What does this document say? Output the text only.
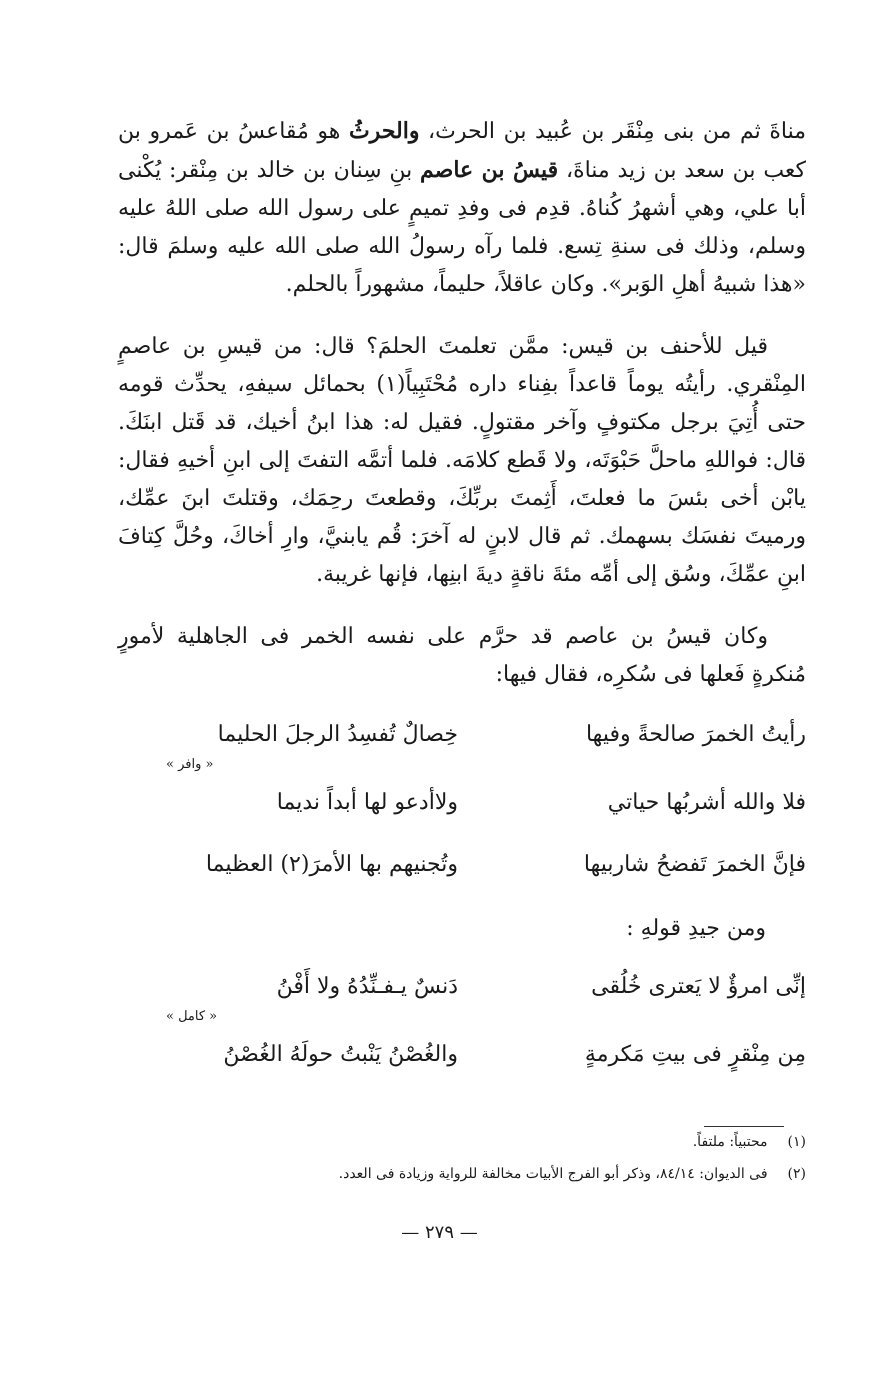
مناةَ ثم من بنى مِنْقَر بن عُبيد بن الحرث، والحرثُ هو مُقاعسُ بن عَمرو بن كعب بن سعد بن زيد مناةَ، قيسُ بن عاصم بنِ سِنان بن خالد بن مِنْقر: يُكْنى أبا علي، وهي أشهرُ كُناهُ. قدِم فى وفدِ تميمٍ على رسول الله صلى اللهُ عليه وسلم، وذلك فى سنةِ تِسع. فلما رآه رسولُ الله صلى الله عليه وسلمَ قال: «هذا شبيهُ أهلِ الوَبر». وكان عاقلاً، حليماً، مشهوراً بالحلم.

قيل للأحنف بن قيس: ممَّن تعلمتَ الحلمَ؟ قال: من قيسِ بن عاصمٍ المِنْقري. رأيتُه يوماً قاعداً بفِناء داره مُحْتَبِياً(١) بحمائل سيفهِ، يحدِّث قومه حتى أُتِيَ برجل مكتوفٍ وآخر مقتولٍ. فقيل له: هذا ابنُ أخيك، قد قَتل ابنَكَ. قال: فواللهِ ماحلَّ حَبْوَتَه، ولا قَطع كلامَه. فلما أتمَّه التفتَ إلى ابنِ أخيهِ فقال: يابْن أخى بئسَ ما فعلتَ، أَثِمتَ بربِّكَ، وقطعتَ رحِمَك، وقتلتَ ابنَ عمِّك، ورميتَ نفسَك بسهمك. ثم قال لابنٍ له آخرَ: قُم يابنيَّ، وارِ أخاكَ، وحُلَّ كِتافَ ابنِ عمِّكَ، وسُق إلى أمِّه مئةَ ناقةٍ ديةَ ابنِها، فإنها غريبة.

وكان قيسُ بن عاصم قد حرَّم على نفسه الخمر فى الجاهلية لأمورٍ مُنكرةٍ فَعلها فى سُكرِه، فقال فيها:

رأيتُ الخمرَ صالحةً وفيها
خِصالٌ تُفسِدُ الرجلَ الحليما
« وافر »
فلا والله أشربُها حياتي
ولاأدعو لها أبداً نديما
فإنَّ الخمرَ تَفضحُ شاربيها
وتُجنيهم بها الأمرَ(٢) العظيما
ومن جيدِ قولهِ :
إنِّى امرؤٌ لا يَعترى خُلُقى
دَنسٌ يـفـنِّدُهُ ولا أَفْنُ
« كامل »
مِن مِنْقرٍ فى بيتِ مَكرمةٍ
والغُصْنُ يَنْبتُ حولَهُ الغُصْنُ
(١) محتبياً: ملتفاً.
(٢) فى الديوان: ٨٤/١٤، وذكر أبو الفرج الأبيات مخالفة للرواية وزيادة فى العدد.
— ٢٧٩ —
